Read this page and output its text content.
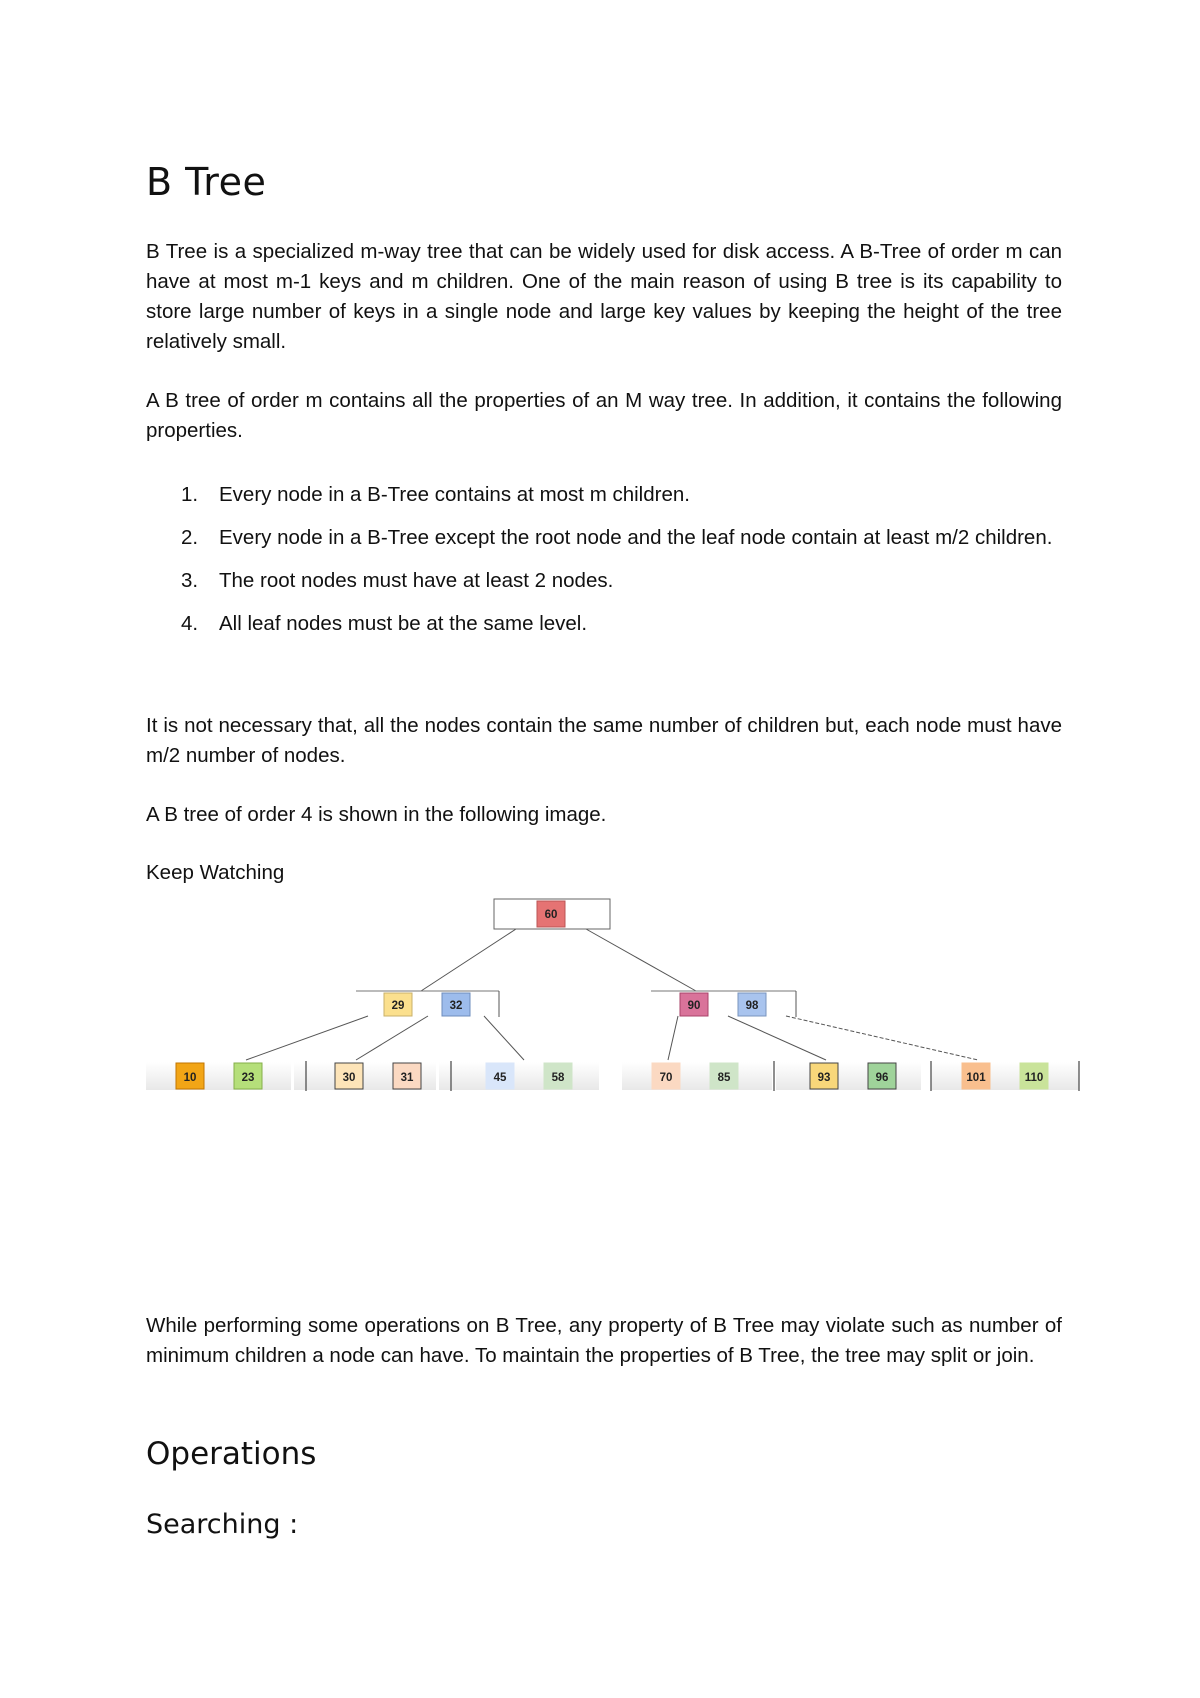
B Tree

B Tree is a specialized m-way tree that can be widely used for disk access. A B-Tree of order m can have at most m-1 keys and m children. One of the main reason of using B tree is its capability to store large number of keys in a single node and large key values by keeping the height of the tree relatively small.

A B tree of order m contains all the properties of an M way tree. In addition, it contains the following properties.

1. Every node in a B-Tree contains at most m children.
2. Every node in a B-Tree except the root node and the leaf node contain at least m/2 children.
3. The root nodes must have at least 2 nodes.
4. All leaf nodes must be at the same level.

It is not necessary that, all the nodes contain the same number of children but, each node must have m/2 number of nodes.

A B tree of order 4 is shown in the following image.

Keep Watching

60
29	32	90	98
10	23	30	31	45	58	70	85	93	96	101	110

While performing some operations on B Tree, any property of B Tree may violate such as number of minimum children a node can have. To maintain the properties of B Tree, the tree may split or join.

Operations
Searching :
